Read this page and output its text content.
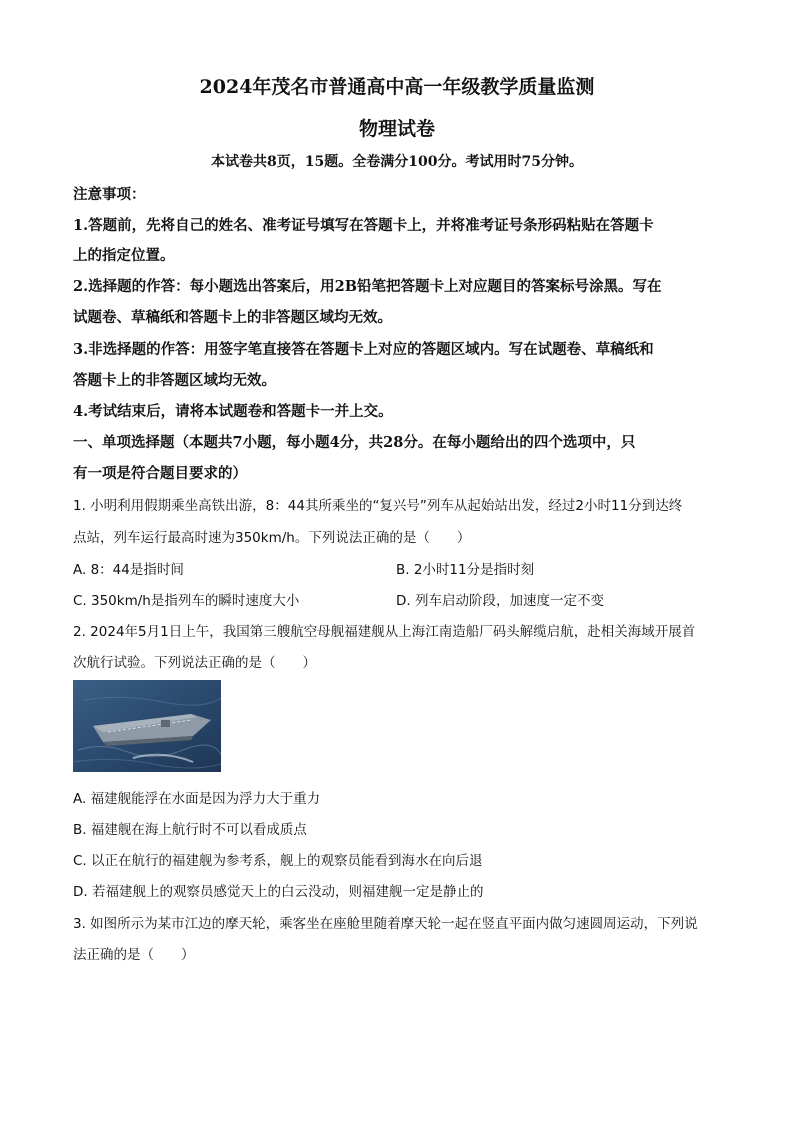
2024年茂名市普通高中高一年级教学质量监测
物理试卷
本试卷共8页，15题。全卷满分100分。考试用时75分钟。
注意事项：
1.答题前，先将自己的姓名、准考证号填写在答题卡上，并将准考证号条形码粘贴在答题卡
上的指定位置。
2.选择题的作答：每小题选出答案后，用2B铅笔把答题卡上对应题目的答案标号涂黑。写在
试题卷、草稿纸和答题卡上的非答题区域均无效。
3.非选择题的作答：用签字笔直接答在答题卡上对应的答题区域内。写在试题卷、草稿纸和
答题卡上的非答题区域均无效。
4.考试结束后，请将本试题卷和答题卡一并上交。
一、单项选择题（本题共7小题，每小题4分，共28分。在每小题给出的四个选项中，只
有一项是符合题目要求的）
1. 小明利用假期乘坐高铁出游，8：44其所乘坐的“复兴号”列车从起始站出发，经过2小时11分到达终
点站，列车运行最高时速为350km/h。下列说法正确的是（　　）
A. 8：44是指时间	B. 2小时11分是指时刻
C. 350km/h是指列车的瞬时速度大小	D. 列车启动阶段，加速度一定不变
2. 2024年5月1日上午，我国第三艘航空母舰福建舰从上海江南造船厂码头解缆启航，赴相关海域开展首
次航行试验。下列说法正确的是（　　）
A. 福建舰能浮在水面是因为浮力大于重力
B. 福建舰在海上航行时不可以看成质点
C. 以正在航行的福建舰为参考系，舰上的观察员能看到海水在向后退
D. 若福建舰上的观察员感觉天上的白云没动，则福建舰一定是静止的
3. 如图所示为某市江边的摩天轮，乘客坐在座舱里随着摩天轮一起在竖直平面内做匀速圆周运动，下列说
法正确的是（　　）
